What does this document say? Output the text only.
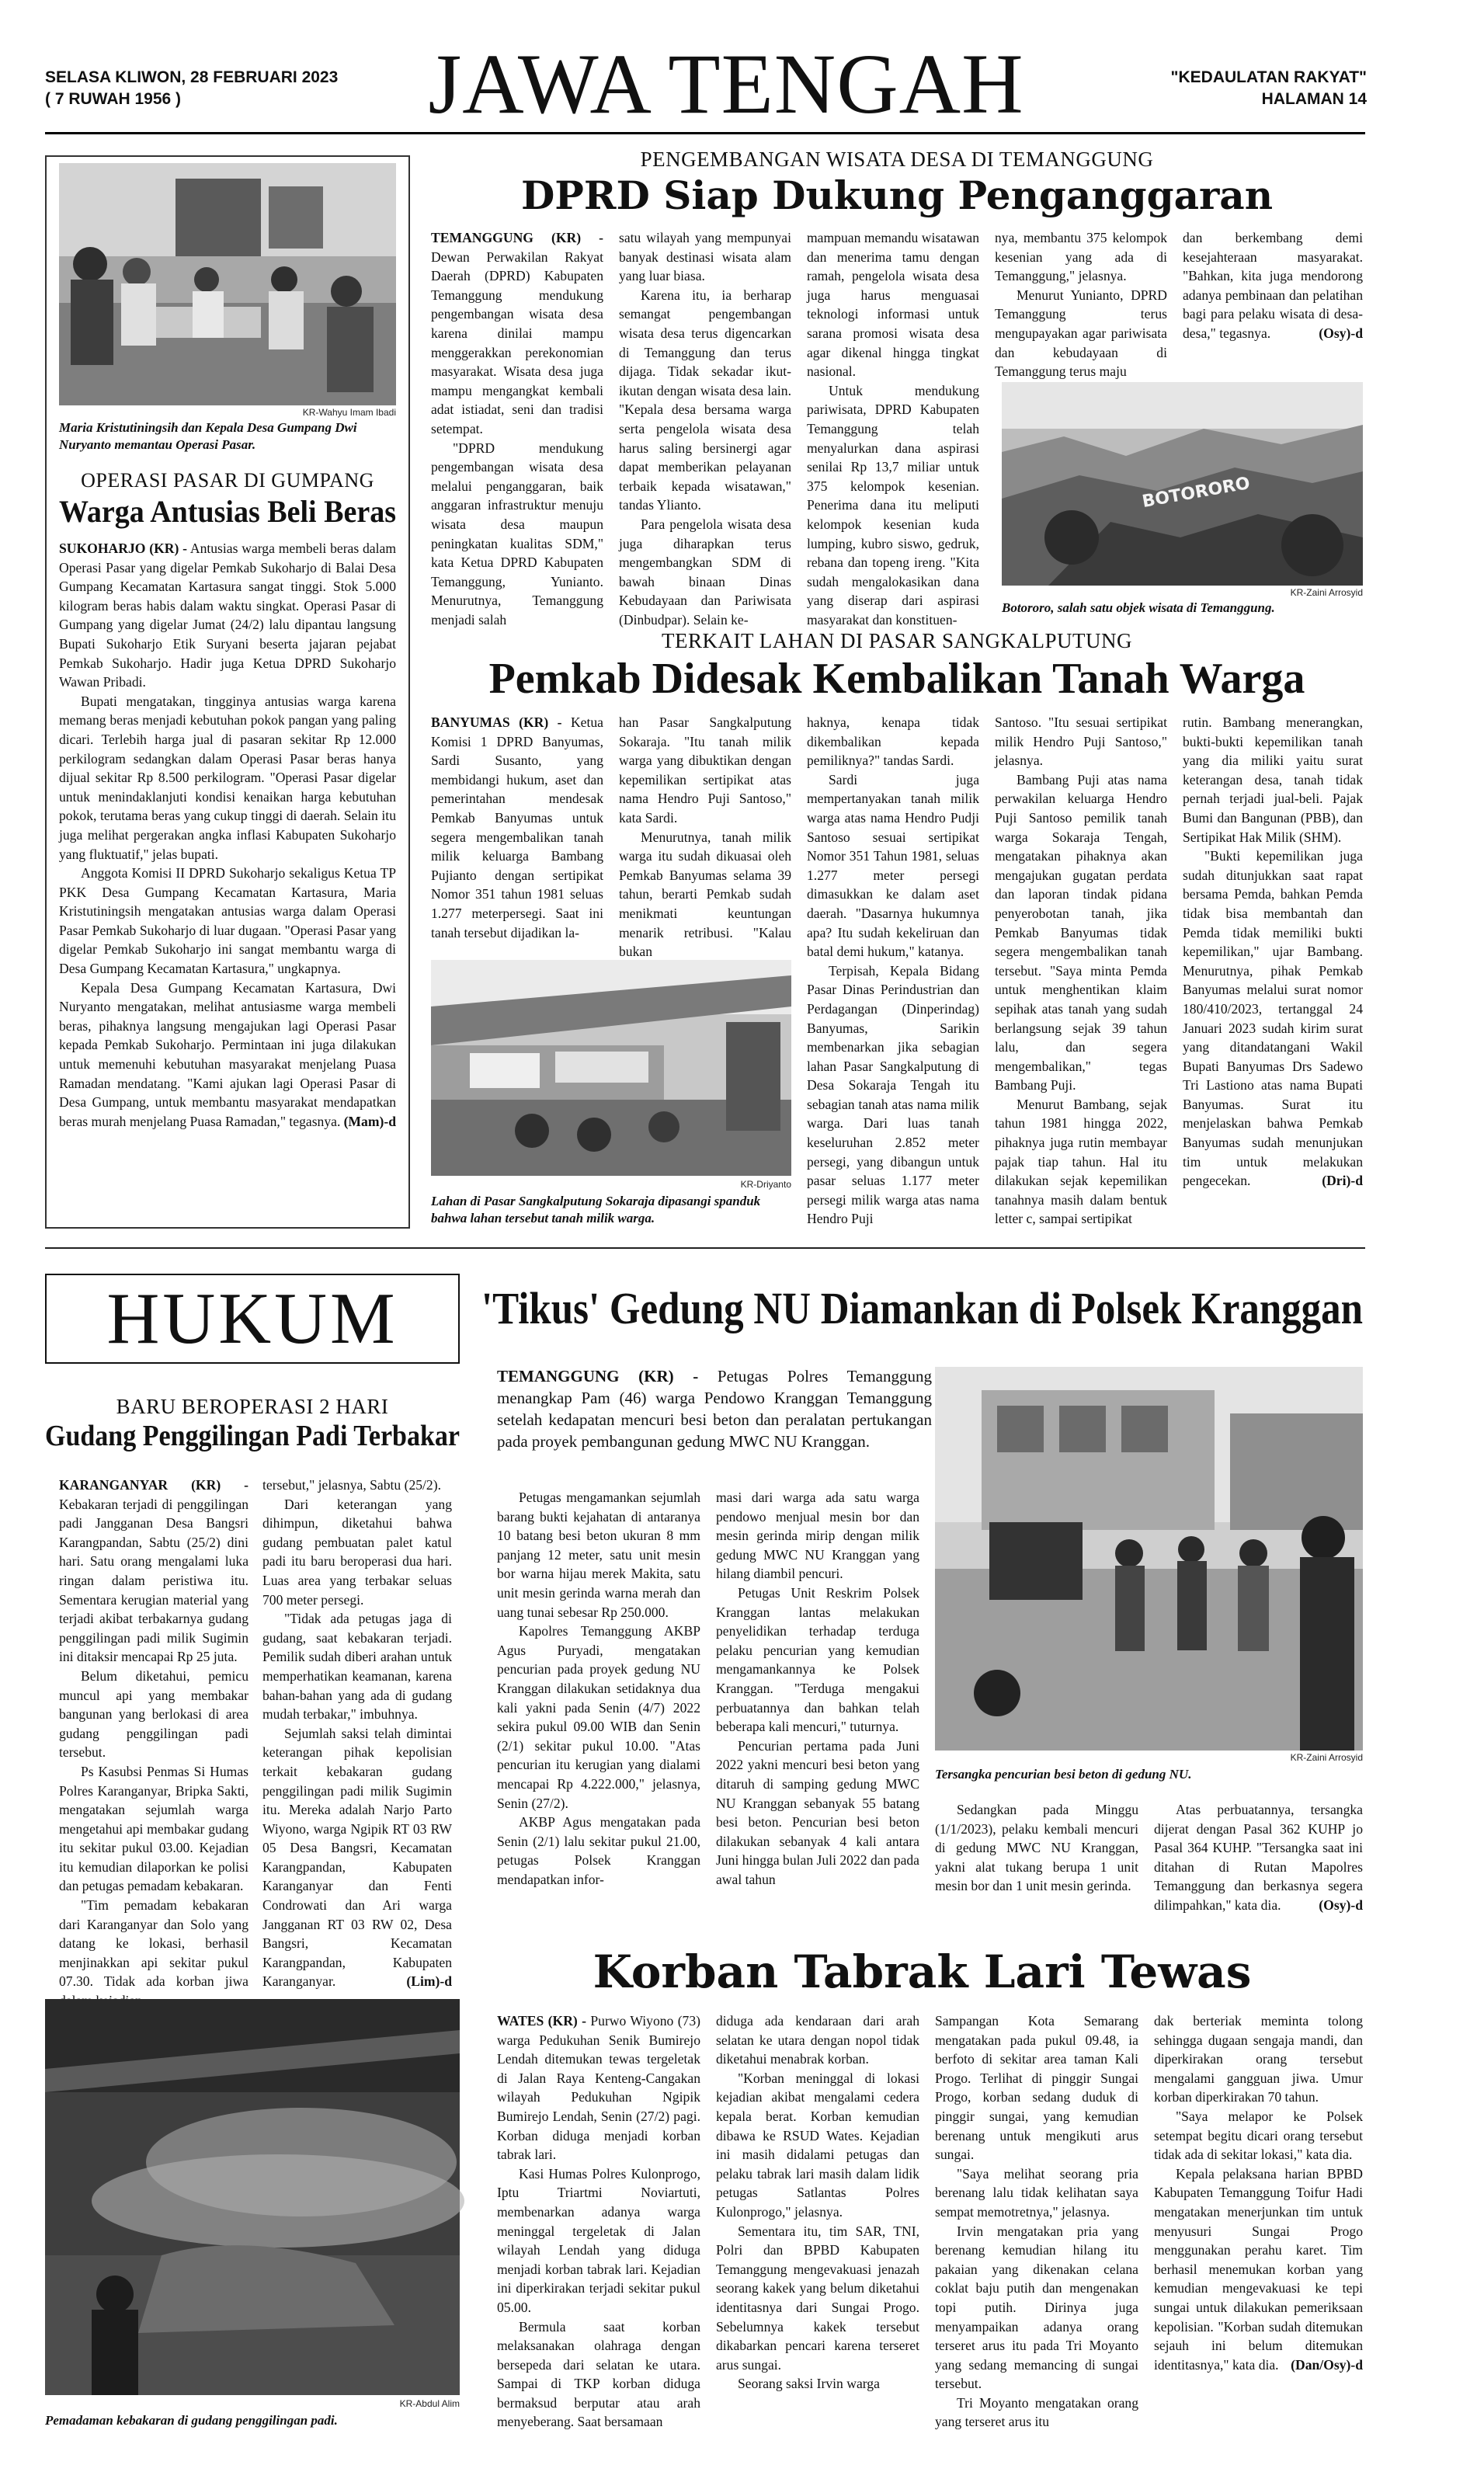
SELASA KLIWON, 28 FEBRUARI 2023
( 7 RUWAH 1956 )	JAWA TENGAH	"KEDAULATAN RAKYAT"
HALAMAN 14
KR-Wahyu Imam Ibadi
Maria Kristutiningsih dan Kepala Desa Gumpang Dwi Nuryanto memantau Operasi Pasar.
OPERASI PASAR DI GUMPANG
Warga Antusias Beli Beras

SUKOHARJO (KR) - Antusias warga membeli beras dalam Operasi Pasar yang digelar Pemkab Sukoharjo di Balai Desa Gumpang Kecamatan Kartasura sangat tinggi. Stok 5.000 kilogram beras habis dalam waktu singkat. Operasi Pasar di Gumpang yang digelar Jumat (24/2) lalu dipantau langsung Bupati Sukoharjo Etik Suryani beserta jajaran pejabat Pemkab Sukoharjo. Hadir juga Ketua DPRD Sukoharjo Wawan Pribadi.

Bupati mengatakan, tingginya antusias warga karena memang beras menjadi kebutuhan pokok pangan yang paling dicari. Terlebih harga jual di pasaran sekitar Rp 12.000 perkilogram sedangkan dalam Operasi Pasar beras hanya dijual sekitar Rp 8.500 perkilogram. "Operasi Pasar digelar untuk menindaklanjuti kondisi kenaikan harga kebutuhan pokok, terutama beras yang cukup tinggi di daerah. Selain itu juga melihat pergerakan angka inflasi Kabupaten Sukoharjo yang fluktuatif," jelas bupati.

Anggota Komisi II DPRD Sukoharjo sekaligus Ketua TP PKK Desa Gumpang Kecamatan Kartasura, Maria Kristutiningsih mengatakan antusias warga dalam Operasi Pasar Pemkab Sukoharjo di luar dugaan. "Operasi Pasar yang digelar Pemkab Sukoharjo ini sangat membantu warga di Desa Gumpang Kecamatan Kartasura," ungkapnya.

Kepala Desa Gumpang Kecamatan Kartasura, Dwi Nuryanto mengatakan, melihat antusiasme warga membeli beras, pihaknya langsung mengajukan lagi Operasi Pasar kepada Pemkab Sukoharjo. Permintaan ini juga dilakukan untuk memenuhi kebutuhan masyarakat menjelang Puasa Ramadan mendatang. "Kami ajukan lagi Operasi Pasar di Desa Gumpang, untuk membantu masyarakat mendapatkan beras murah menjelang Puasa Ramadan," tegasnya. (Mam)-d

PENGEMBANGAN WISATA DESA DI TEMANGGUNG
DPRD Siap Dukung Penganggaran

TEMANGGUNG (KR) - Dewan Perwakilan Rakyat Daerah (DPRD) Kabupaten Temanggung mendukung pengembangan wisata desa karena dinilai mampu menggerakkan perekonomian masyarakat. Wisata desa juga mampu mengangkat kembali adat istiadat, seni dan tradisi setempat.

"DPRD mendukung pengembangan wisata desa melalui penganggaran, baik anggaran infrastruktur menuju wisata desa maupun peningkatan kualitas SDM," kata Ketua DPRD Kabupaten Temanggung, Yunianto. Menurutnya, Temanggung menjadi salah

satu wilayah yang mempunyai banyak destinasi wisata alam yang luar biasa.

Karena itu, ia berharap semangat pengembangan wisata desa terus digencarkan di Temanggung dan terus dijaga. Tidak sekadar ikut-ikutan dengan wisata desa lain. "Kepala desa bersama warga serta pengelola wisata desa harus saling bersinergi agar dapat memberikan pelayanan terbaik kepada wisatawan," tandas Ylianto.

Para pengelola wisata desa juga diharapkan terus mengembangkan SDM di bawah binaan Dinas Kebudayaan dan Pariwisata (Dinbudpar). Selain ke-

mampuan memandu wisatawan dan menerima tamu dengan ramah, pengelola wisata desa juga harus menguasai teknologi informasi untuk sarana promosi wisata desa agar dikenal hingga tingkat nasional.

Untuk mendukung pariwisata, DPRD Kabupaten Temanggung telah menyalurkan dana aspirasi senilai Rp 13,7 miliar untuk 375 kelompok kesenian. Penerima dana itu meliputi kelompok kesenian kuda lumping, kubro siswo, gedruk, rebana dan topeng ireng. "Kita sudah mengalokasikan dana yang diserap dari aspirasi masyarakat dan konstituen-

nya, membantu 375 kelompok kesenian yang ada di Temanggung," jelasnya.

Menurut Yunianto, DPRD Temanggung terus mengupayakan agar pariwisata dan kebudayaan di Temanggung terus maju

dan berkembang demi kesejahteraan masyarakat. "Bahkan, kita juga mendorong adanya pembinaan dan pelatihan bagi para pelaku wisata di desa-desa," tegasnya.	(Osy)-d

BOTORORO
KR-Zaini Arrosyid
Botororo, salah satu objek wisata di Temanggung.
TERKAIT LAHAN DI PASAR SANGKALPUTUNG
Pemkab Didesak Kembalikan Tanah Warga

BANYUMAS (KR) - Ketua Komisi 1 DPRD Banyumas, Sardi Susanto, yang membidangi hukum, aset dan pemerintahan mendesak Pemkab Banyumas untuk segera mengembalikan tanah milik keluarga Bambang Pujianto dengan sertipikat Nomor 351 tahun 1981 seluas 1.277 meterpersegi. Saat ini tanah tersebut dijadikan la-

han Pasar Sangkalputung Sokaraja. "Itu tanah milik warga yang dibuktikan dengan kepemilikan sertipikat atas nama Hendro Puji Santoso," kata Sardi.

Menurutnya, tanah milik warga itu sudah dikuasai oleh Pemkab Banyumas selama 39 tahun, berarti Pemkab sudah menikmati keuntungan menarik retribusi. "Kalau bukan

KR-Driyanto
Lahan di Pasar Sangkalputung Sokaraja dipasangi spanduk bahwa lahan tersebut tanah milik warga.

haknya, kenapa tidak dikembalikan kepada pemiliknya?" tandas Sardi.

Sardi juga mempertanyakan tanah milik warga atas nama Hendro Pudji Santoso sesuai sertipikat Nomor 351 Tahun 1981, seluas 1.277 meter persegi dimasukkan ke dalam aset daerah. "Dasarnya hukumnya apa? Itu sudah kekeliruan dan batal demi hukum," katanya.

Terpisah, Kepala Bidang Pasar Dinas Perindustrian dan Perdagangan (Dinperindag) Banyumas, Sarikin membenarkan jika sebagian lahan Pasar Sangkalputung di Desa Sokaraja Tengah itu sebagian tanah atas nama milik warga. Dari luas tanah keseluruhan 2.852 meter persegi, yang dibangun untuk pasar seluas 1.177 meter persegi milik warga atas nama Hendro Puji

Santoso. "Itu sesuai sertipikat milik Hendro Puji Santoso," jelasnya.

Bambang Puji atas nama perwakilan keluarga Hendro Puji Santoso pemilik tanah warga Sokaraja Tengah, mengatakan pihaknya akan mengajukan gugatan perdata dan laporan tindak pidana penyerobotan tanah, jika Pemkab Banyumas tidak segera mengembalikan tanah tersebut. "Saya minta Pemda untuk menghentikan klaim sepihak atas tanah yang sudah berlangsung sejak 39 tahun lalu, dan segera mengembalikan," tegas Bambang Puji.

Menurut Bambang, sejak tahun 1981 hingga 2022, pihaknya juga rutin membayar pajak tiap tahun. Hal itu dilakukan sejak kepemilikan tanahnya masih dalam bentuk letter c, sampai sertipikat

rutin. Bambang menerangkan, bukti-bukti kepemilikan tanah yang dia miliki yaitu surat keterangan desa, tanah tidak pernah terjadi jual-beli. Pajak Bumi dan Bangunan (PBB), dan Sertipikat Hak Milik (SHM).

"Bukti kepemilikan juga sudah ditunjukkan saat rapat bersama Pemda, bahkan Pemda tidak bisa membantah dan Pemda tidak memiliki bukti kepemilikan," ujar Bambang. Menurutnya, pihak Pemkab Banyumas melalui surat nomor 180/410/2023, tertanggal 24 Januari 2023 sudah kirim surat yang ditandatangani Wakil Bupati Banyumas Drs Sadewo Tri Lastiono atas nama Bupati Banyumas. Surat itu menjelaskan bahwa Pemkab Banyumas sudah menunjukan tim untuk melakukan pengecekan.	(Dri)-d

HUKUM
BARU BEROPERASI 2 HARI
Gudang Penggilingan Padi Terbakar

KARANGANYAR (KR) - Kebakaran terjadi di penggilingan padi Jangganan Desa Bangsri Karangpandan, Sabtu (25/2) dini hari. Satu orang mengalami luka ringan dalam peristiwa itu. Sementara kerugian material yang terjadi akibat terbakarnya gudang penggilingan padi milik Sugimin ini ditaksir mencapai Rp 25 juta.

Belum diketahui, pemicu muncul api yang membakar bangunan yang berlokasi di area gudang penggilingan padi tersebut.

Ps Kasubsi Penmas Si Humas Polres Karanganyar, Bripka Sakti, mengatakan sejumlah warga mengetahui api membakar gudang itu sekitar pukul 03.00. Kejadian itu kemudian dilaporkan ke polisi dan petugas pemadam kebakaran.

"Tim pemadam kebakaran dari Karanganyar dan Solo yang datang ke lokasi, berhasil menjinakkan api sekitar pukul 07.30. Tidak ada korban jiwa

tersebut," jelasnya, Sabtu (25/2).

Dari keterangan yang dihimpun, diketahui bahwa gudang pembuatan palet katul padi itu baru beroperasi dua hari. Luas area yang terbakar seluas 700 meter persegi.

"Tidak ada petugas jaga di gudang, saat kebakaran terjadi. Pemilik sudah diberi arahan untuk memperhatikan keamanan, karena bahan-bahan yang ada di gudang mudah terbakar," imbuhnya.

Sejumlah saksi telah dimintai keterangan pihak kepolisian terkait kebakaran gudang penggilingan padi milik Sugimin itu. Mereka adalah Narjo Parto Wiyono, warga Ngipik RT 03 RW 05 Desa Bangsri, Kecamatan Karangpandan, Kabupaten Karanganyar dan Fenti Condrowati dan Ari warga Jangganan RT 03 RW 02, Desa Bangsri, Kecamatan Karangpandan, Kabupaten Karanganyar.	(Lim)-d

KR-Abdul Alim
Pemadaman kebakaran di gudang penggilingan padi.
'Tikus' Gedung NU Diamankan di Polsek Kranggan
TEMANGGUNG (KR) - Petugas Polres Temanggung menangkap Pam (46) warga Pendowo Kranggan Temanggung setelah kedapatan mencuri besi beton dan peralatan pertukangan pada proyek pembangunan gedung MWC NU Kranggan.

Petugas mengamankan sejumlah barang bukti kejahatan di antaranya 10 batang besi beton ukuran 8 mm panjang 12 meter, satu unit mesin bor warna hijau merek Makita, satu unit mesin gerinda warna merah dan uang tunai sebesar Rp 250.000.

Kapolres Temanggung AKBP Agus Puryadi, mengatakan pencurian pada proyek gedung NU Kranggan dilakukan setidaknya dua kali yakni pada Senin (4/7) 2022 sekira pukul 09.00 WIB dan Senin (2/1) sekitar pukul 10.00. "Atas pencurian itu kerugian yang dialami mencapai Rp 4.222.000," jelasnya, Senin (27/2).

AKBP Agus mengatakan pada Senin (2/1) lalu sekitar pukul 21.00, petugas Polsek Kranggan mendapatkan infor-

masi dari warga ada satu warga pendowo menjual mesin bor dan mesin gerinda mirip dengan milik gedung MWC NU Kranggan yang hilang diambil pencuri.

Petugas Unit Reskrim Polsek Kranggan lantas melakukan penyelidikan terhadap terduga pelaku pencurian yang kemudian mengamankannya ke Polsek Kranggan. "Terduga mengakui perbuatannya dan bahkan telah beberapa kali mencuri," tuturnya.

Pencurian pertama pada Juni 2022 yakni mencuri besi beton yang ditaruh di samping gedung MWC NU Kranggan sebanyak 55 batang besi beton. Pencurian besi beton dilakukan sebanyak 4 kali antara Juni hingga bulan Juli 2022 dan pada awal tahun

KR-Zaini Arrosyid
Tersangka pencurian besi beton di gedung NU.

Sedangkan pada Minggu (1/1/2023), pelaku kembali mencuri di gedung MWC NU Kranggan, yakni alat tukang berupa 1 unit mesin bor dan 1 unit mesin gerinda.

Atas perbuatannya, tersangka dijerat dengan Pasal 362 KUHP jo Pasal 364 KUHP. "Tersangka saat ini ditahan di Rutan Mapolres Temanggung dan berkasnya segera dilimpahkan," kata dia.	(Osy)-d

Korban Tabrak Lari Tewas

WATES (KR) - Purwo Wiyono (73) warga Pedukuhan Senik Bumirejo Lendah ditemukan tewas tergeletak di Jalan Raya Kenteng-Cangakan wilayah Pedukuhan Ngipik Bumirejo Lendah, Senin (27/2) pagi. Korban diduga menjadi korban tabrak lari.

Kasi Humas Polres Kulonprogo, Iptu Triartmi Noviartuti, membenarkan adanya warga meninggal tergeletak di Jalan wilayah Lendah yang diduga menjadi korban tabrak lari. Kejadian ini diperkirakan terjadi sekitar pukul 05.00.

Bermula saat korban melaksanakan olahraga dengan bersepeda dari selatan ke utara. Sampai di TKP korban diduga bermaksud berputar atau arah menyeberang. Saat bersamaan

diduga ada kendaraan dari arah selatan ke utara dengan nopol tidak diketahui menabrak korban.

"Korban meninggal di lokasi kejadian akibat mengalami cedera kepala berat. Korban kemudian dibawa ke RSUD Wates. Kejadian ini masih didalami petugas dan pelaku tabrak lari masih dalam lidik petugas Satlantas Polres Kulonprogo," jelasnya.

Sementara itu, tim SAR, TNI, Polri dan BPBD Kabupaten Temanggung mengevakuasi jenazah seorang kakek yang belum diketahui identitasnya dari Sungai Progo. Sebelumnya kakek tersebut dikabarkan pencari karena terseret arus sungai.

Seorang saksi Irvin warga

Sampangan Kota Semarang mengatakan pada pukul 09.48, ia berfoto di sekitar area taman Kali Progo. Terlihat di pinggir Sungai Progo, korban sedang duduk di pinggir sungai, yang kemudian berenang untuk mengikuti arus sungai.

"Saya melihat seorang pria berenang lalu tidak kelihatan saya sempat memotretnya," jelasnya.

Irvin mengatakan pria yang berenang kemudian hilang itu pakaian yang dikenakan celana coklat baju putih dan mengenakan topi putih. Dirinya juga menyampaikan adanya orang terseret arus itu pada Tri Moyanto yang sedang memancing di sungai tersebut.

Tri Moyanto mengatakan orang yang terseret arus itu

dak berteriak meminta tolong sehingga dugaan sengaja mandi, dan diperkirakan orang tersebut mengalami gangguan jiwa. Umur korban diperkirakan 70 tahun.

"Saya melapor ke Polsek setempat begitu dicari orang tersebut tidak ada di sekitar lokasi," kata dia.

Kepala pelaksana harian BPBD Kabupaten Temanggung Toifur Hadi mengatakan menerjunkan tim untuk menyusuri Sungai Progo menggunakan perahu karet. Tim berhasil menemukan korban yang kemudian mengevakuasi ke tepi sungai untuk dilakukan pemeriksaan kepolisian. "Korban sudah ditemukan sejauh ini belum ditemukan identitasnya," kata dia. (Dan/Osy)-d
